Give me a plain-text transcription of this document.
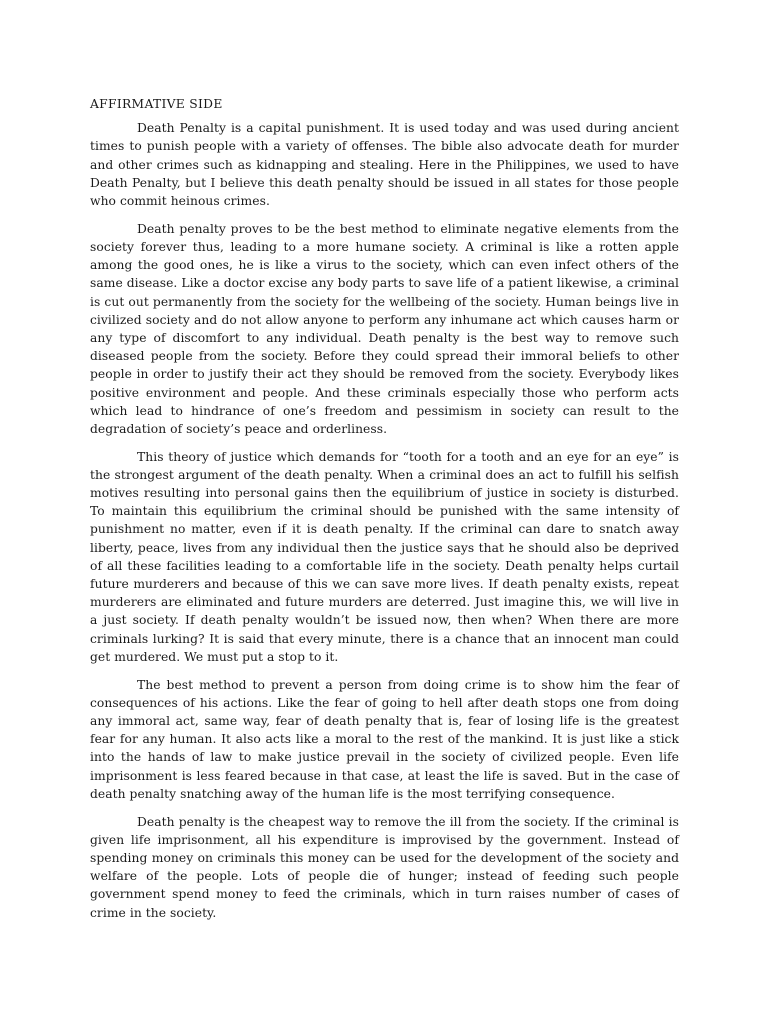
AFFIRMATIVE SIDE

Death Penalty is a capital punishment. It is used today and was used during ancient times to punish people with a variety of offenses. The bible also advocate death for murder and other crimes such as kidnapping and stealing. Here in the Philippines, we used to have Death Penalty, but I believe this death penalty should be issued in all states for those people who commit heinous crimes.

Death penalty proves to be the best method to eliminate negative elements from the society forever thus, leading to a more humane society. A criminal is like a rotten apple among the good ones, he is like a virus to the society, which can even infect others of the same disease. Like a doctor excise any body parts to save life of a patient likewise, a criminal is cut out permanently from the society for the wellbeing of the society. Human beings live in civilized society and do not allow anyone to perform any inhumane act which causes harm or any type of discomfort to any individual. Death penalty is the best way to remove such diseased people from the society. Before they could spread their immoral beliefs to other people in order to justify their act they should be removed from the society. Everybody likes positive environment and people. And these criminals especially those who perform acts which lead to hindrance of one’s freedom and pessimism in society can result to the degradation of society’s peace and orderliness.

This theory of justice which demands for “tooth for a tooth and an eye for an eye” is the strongest argument of the death penalty. When a criminal does an act to fulfill his selfish motives resulting into personal gains then the equilibrium of justice in society is disturbed. To maintain this equilibrium the criminal should be punished with the same intensity of punishment no matter, even if it is death penalty. If the criminal can dare to snatch away liberty, peace, lives from any individual then the justice says that he should also be deprived of all these facilities leading to a comfortable life in the society. Death penalty helps curtail future murderers and because of this we can save more lives. If death penalty exists, repeat murderers are eliminated and future murders are deterred. Just imagine this, we will live in a just society. If death penalty wouldn’t be issued now, then when? When there are more criminals lurking? It is said that every minute, there is a chance that an innocent man could get murdered. We must put a stop to it.

The best method to prevent a person from doing crime is to show him the fear of consequences of his actions. Like the fear of going to hell after death stops one from doing any immoral act, same way, fear of death penalty that is, fear of losing life is the greatest fear for any human. It also acts like a moral to the rest of the mankind. It is just like a stick into the hands of law to make justice prevail in the society of civilized people. Even life imprisonment is less feared because in that case, at least the life is saved. But in the case of death penalty snatching away of the human life is the most terrifying consequence.

Death penalty is the cheapest way to remove the ill from the society. If the criminal is given life imprisonment, all his expenditure is improvised by the government. Instead of spending money on criminals this money can be used for the development of the society and welfare of the people. Lots of people die of hunger; instead of feeding such people government spend money to feed the criminals, which in turn raises number of cases of crime in the society.
